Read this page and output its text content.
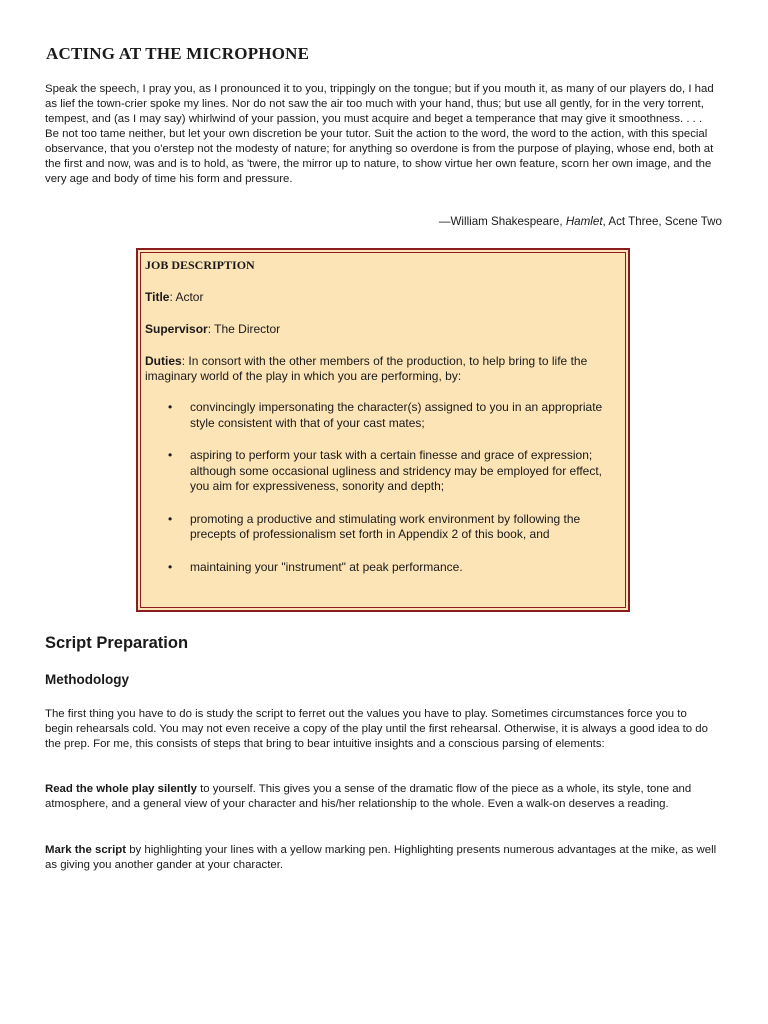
ACTING AT THE MICROPHONE

Speak the speech, I pray you, as I pronounced it to you, trippingly on the tongue; but if you mouth it, as many of our players do, I had as lief the town-crier spoke my lines. Nor do not saw the air too much with your hand, thus; but use all gently, for in the very torrent, tempest, and (as I may say) whirlwind of your passion, you must acquire and beget a temperance that may give it smoothness. . . . Be not too tame neither, but let your own discretion be your tutor. Suit the action to the word, the word to the action, with this special observance, that you o'erstep not the modesty of nature; for anything so overdone is from the purpose of playing, whose end, both at the first and now, was and is to hold, as 'twere, the mirror up to nature, to show virtue her own feature, scorn her own image, and the very age and body of time his form and pressure.

—William Shakespeare, Hamlet, Act Three, Scene Two

JOB DESCRIPTION

Title: Actor

Supervisor: The Director

Duties: In consort with the other members of the production, to help bring to life the imaginary world of the play in which you are performing, by:

• convincingly impersonating the character(s) assigned to you in an appropriate style consistent with that of your cast mates;
• aspiring to perform your task with a certain finesse and grace of expression; although some occasional ugliness and stridency may be employed for effect, you aim for expressiveness, sonority and depth;
• promoting a productive and stimulating work environment by following the precepts of professionalism set forth in Appendix 2 of this book, and
• maintaining your "instrument" at peak performance.
Script Preparation
Methodology

The first thing you have to do is study the script to ferret out the values you have to play. Sometimes circumstances force you to begin rehearsals cold. You may not even receive a copy of the play until the first rehearsal. Otherwise, it is always a good idea to do the prep. For me, this consists of steps that bring to bear intuitive insights and a conscious parsing of elements:

Read the whole play silently to yourself. This gives you a sense of the dramatic flow of the piece as a whole, its style, tone and atmosphere, and a general view of your character and his/her relationship to the whole. Even a walk-on deserves a reading.

Mark the script by highlighting your lines with a yellow marking pen. Highlighting presents numerous advantages at the mike, as well as giving you another gander at your character.
